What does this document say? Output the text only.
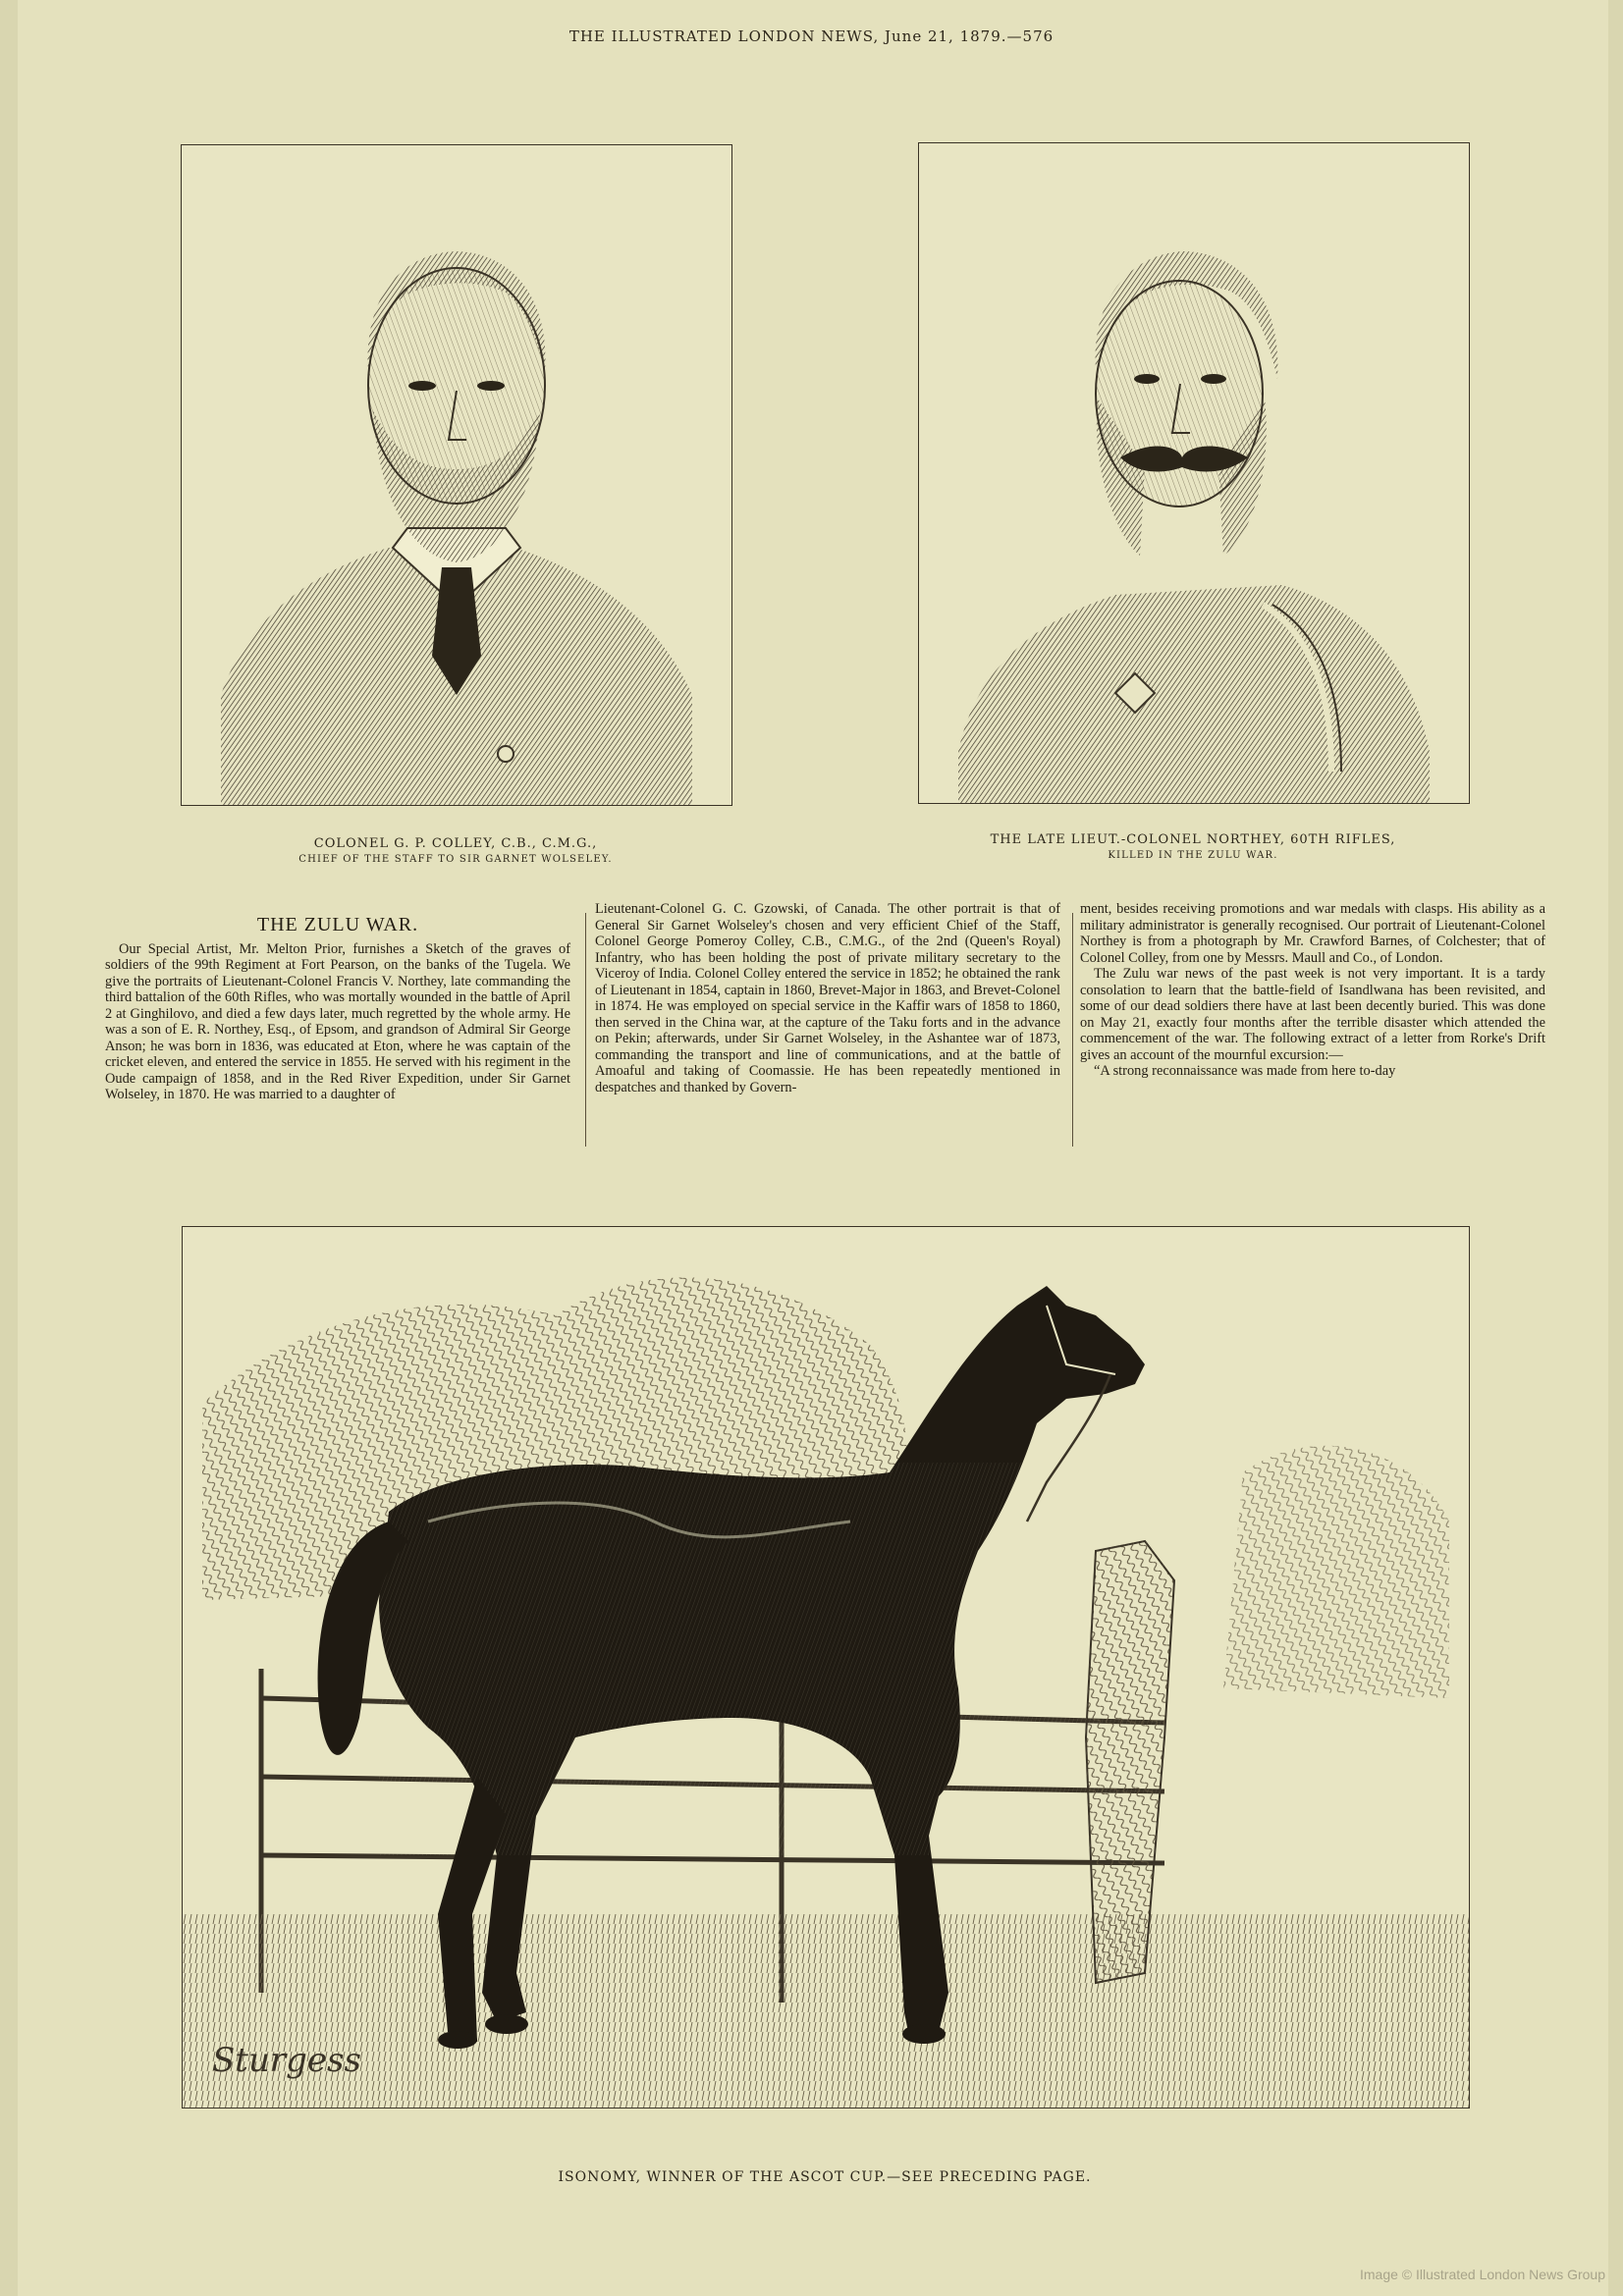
THE ILLUSTRATED LONDON NEWS, June 21, 1879.—576
COLONEL G. P. COLLEY, C.B., C.M.G.,
CHIEF OF THE STAFF TO SIR GARNET WOLSELEY.
THE LATE LIEUT.-COLONEL NORTHEY, 60TH RIFLES,
KILLED IN THE ZULU WAR.
THE ZULU WAR.

Our Special Artist, Mr. Melton Prior, furnishes a Sketch of the graves of soldiers of the 99th Regiment at Fort Pearson, on the banks of the Tugela. We give the portraits of Lieutenant-Colonel Francis V. Northey, late commanding the third battalion of the 60th Rifles, who was mortally wounded in the battle of April 2 at Ginghilovo, and died a few days later, much regretted by the whole army. He was a son of E. R. Northey, Esq., of Epsom, and grandson of Admiral Sir George Anson; he was born in 1836, was educated at Eton, where he was captain of the cricket eleven, and entered the service in 1855. He served with his regiment in the Oude campaign of 1858, and in the Red River Expedition, under Sir Garnet Wolseley, in 1870. He was married to a daughter of

Lieutenant-Colonel G. C. Gzowski, of Canada. The other portrait is that of General Sir Garnet Wolseley's chosen and very efficient Chief of the Staff, Colonel George Pomeroy Colley, C.B., C.M.G., of the 2nd (Queen's Royal) Infantry, who has been holding the post of private military secretary to the Viceroy of India. Colonel Colley entered the service in 1852; he obtained the rank of Lieutenant in 1854, captain in 1860, Brevet-Major in 1863, and Brevet-Colonel in 1874. He was employed on special service in the Kaffir wars of 1858 to 1860, then served in the China war, at the capture of the Taku forts and in the advance on Pekin; afterwards, under Sir Garnet Wolseley, in the Ashantee war of 1873, commanding the transport and line of communications, and at the battle of Amoaful and taking of Coomassie. He has been repeatedly mentioned in despatches and thanked by Govern-

ment, besides receiving promotions and war medals with clasps. His ability as a military administrator is generally recognised. Our portrait of Lieutenant-Colonel Northey is from a photograph by Mr. Crawford Barnes, of Colchester; that of Colonel Colley, from one by Messrs. Maull and Co., of London.

The Zulu war news of the past week is not very important. It is a tardy consolation to learn that the battle-field of Isandlwana has been revisited, and some of our dead soldiers there have at last been decently buried. This was done on May 21, exactly four months after the terrible disaster which attended the commencement of the war. The following extract of a letter from Rorke's Drift gives an account of the mournful excursion:—

“A strong reconnaissance was made from here to-day

Sturgess
ISONOMY, WINNER OF THE ASCOT CUP.—SEE PRECEDING PAGE.
Image © Illustrated London News Group
